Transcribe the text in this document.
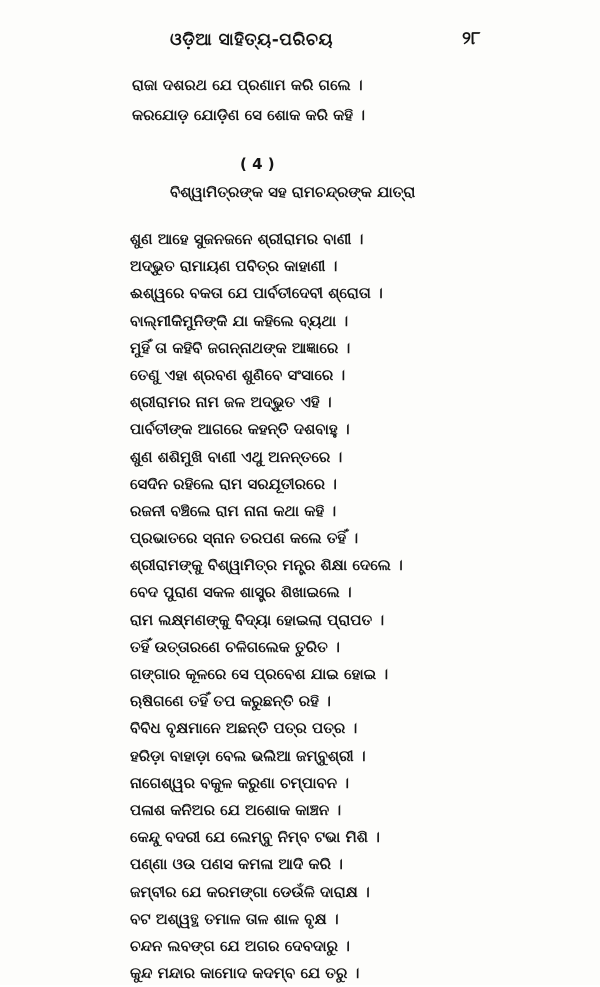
ଓଡ଼ିଆ ସାହିତ୍ୟ-ପରିଚୟ	୨୮
ରାଜା ଦଶରଥ ଯେ ପ୍ରଣାମ କରି ଗଲେ ।
କରଯୋଡ଼ ଯୋଡ଼ିଣ ସେ ଶୋକ କରି କହି ।
( 4 )
ବିଶ୍ୱାମିତ୍ରଙ୍କ ସହ ରାମଚନ୍ଦ୍ରଙ୍କ ଯାତ୍ରା
ଶୁଣ ଆହେ ସୁଜନଜନେ ଶ୍ରୀରାମର ବାଣୀ ।
ଅଦ୍ଭୁତ ରାମାୟଣ ପବିତ୍ର କାହାଣୀ ।
ଈଶ୍ୱରେ ବକତା ଯେ ପାର୍ବତୀଦେବୀ ଶ୍ରୋତା ।
ବାଲ୍ମୀକିମୁନିଙ୍କି ଯା କହିଲେ ବ୍ୟଥା ।
ମୁହିଁ ତା କହିବି ଜଗନ୍ନାଥଙ୍କ ଆଜ୍ଞାରେ ।
ତେଣୁ ଏହା ଶ୍ରବଣ ଶୁଣିବେ ସଂସାରେ ।
ଶ୍ରୀରାମର ନାମ ଜଳ ଅଦ୍ଭୁତ ଏହି ।
ପାର୍ବତୀଙ୍କ ଆଗରେ କହନ୍ତି ଦଶବାହୁ ।
ଶୁଣ ଶଶିମୁଖି ବାଣୀ ଏଥୁ ଅନନ୍ତରେ ।
ସେଦିନ ରହିଲେ ରାମ ସରଯୂତୀରରେ ।
ରଜନୀ ବଞ୍ଚିଲେ ରାମ ନାନା କଥା କହି ।
ପ୍ରଭାତରେ ସ୍ନାନ ତରପଣ କଲେ ତହିଁ ।
ଶ୍ରୀରାମଙ୍କୁ ବିଶ୍ୱାମିତ୍ର ମନ୍ତ୍ର ଶିକ୍ଷା ଦେଲେ ।
ବେଦ ପୁରାଣ ସକଳ ଶାସ୍ତ୍ର ଶିଖାଇଲେ ।
ରାମ ଲକ୍ଷ୍ମଣଙ୍କୁ ବିଦ୍ୟା ହୋଇଲା ପ୍ରାପତ ।
ତହିଁ ଉତ୍ତାରଣେ ଚଳିଗଲେକ ତୁରିତ ।
ଗଙ୍ଗାର କୂଳରେ ସେ ପ୍ରବେଶ ଯାଇ ହୋଇ ।
ଋଷିଗଣେ ତହିଁ ତପ କରୁଛନ୍ତି ରହି ।
ବିବିଧ ବୃକ୍ଷମାନେ ଅଛନ୍ତି ପତ୍ର ପତ୍ର ।
ହରିଡ଼ା ବାହାଡ଼ା ବେଲ ଭଲିଆ ଜମ୍ବୁଶ୍ରୀ ।
ନାଗେଶ୍ୱର ବକୁଳ କରୁଣା ଚମ୍ପାବନ ।
ପଳାଶ କନିଅର ଯେ ଅଶୋକ କାଞ୍ଚନ ।
କେନ୍ଦୁ ବଦରୀ ଯେ ଲେମ୍ବୁ ନିମ୍ବ ଟଭା ମିଶି ।
ପଣ୍ଣା ଓଉ ପଣସ କମଳା ଆଦି କରି ।
ଜମ୍ବୀର ଯେ କରମଙ୍ଗା ଡେଉଁଳି ଦାରାକ୍ଷ ।
ବଟ ଅଶ୍ୱତ୍ଥ ତମାଳ ତାଳ ଶାଳ ବୃକ୍ଷ ।
ଚନ୍ଦନ ଲବଙ୍ଗ ଯେ ଅଗର ଦେବଦାରୁ ।
କୁନ୍ଦ ମନ୍ଦାର କାମୋଦ କଦମ୍ବ ଯେ ତରୁ ।
